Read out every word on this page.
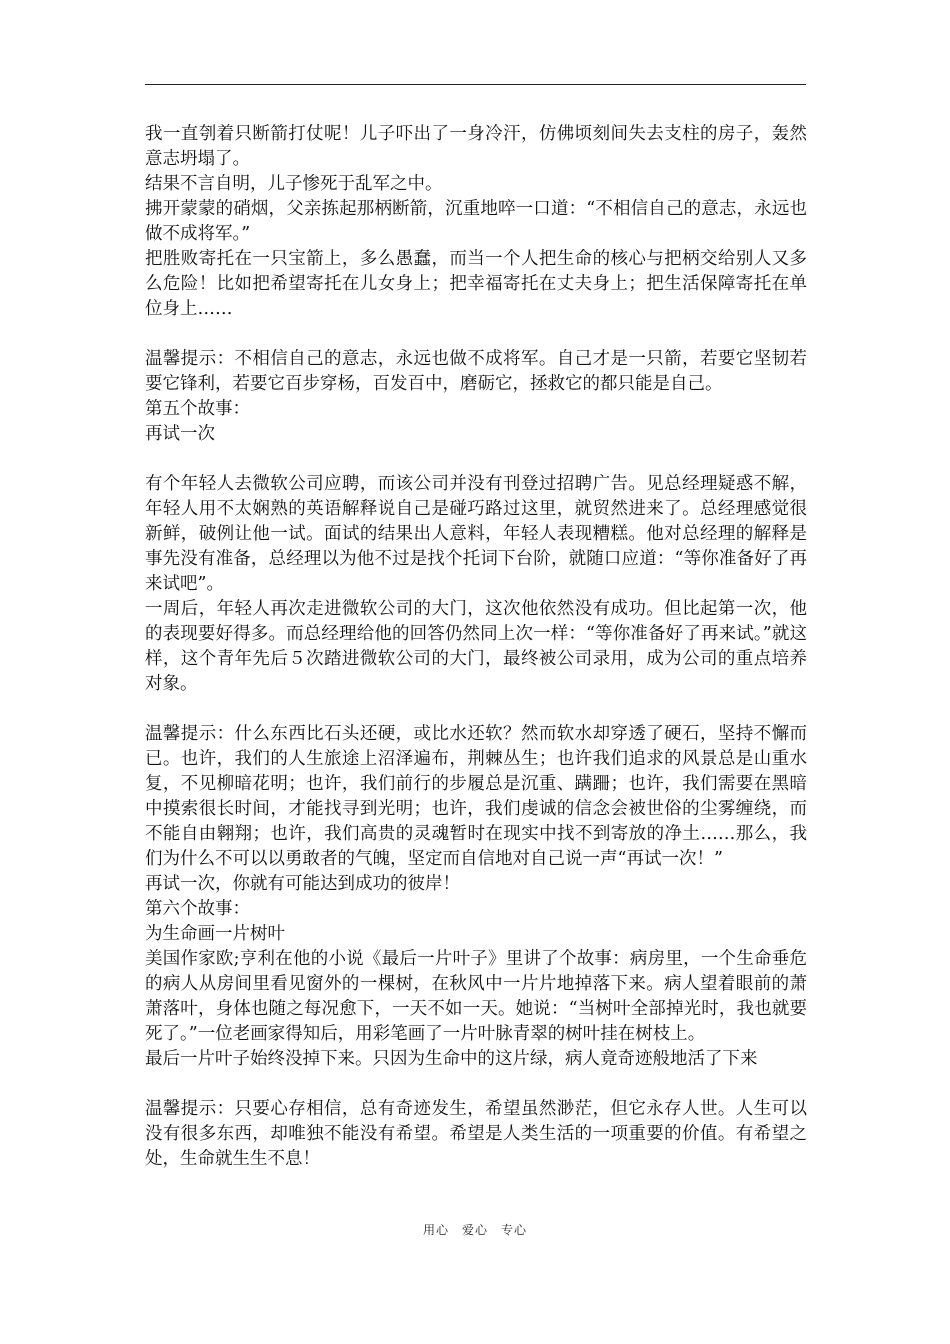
我一直刳着只断箭打仗呢！儿子吓出了一身冷汗，仿佛顷刻间失去支柱的房子，轰然意志坍塌了。

结果不言自明，儿子惨死于乱军之中。

拂开蒙蒙的硝烟，父亲拣起那柄断箭，沉重地啐一口道：“不相信自己的意志，永远也做不成将军。”

把胜败寄托在一只宝箭上，多么愚蠢，而当一个人把生命的核心与把柄交给别人又多么危险！比如把希望寄托在儿女身上；把幸福寄托在丈夫身上；把生活保障寄托在单位身上……

温馨提示：不相信自己的意志，永远也做不成将军。自己才是一只箭，若要它坚韧若要它锋利，若要它百步穿杨，百发百中，磨砺它，拯救它的都只能是自己。

第五个故事：

再试一次

有个年轻人去微软公司应聘，而该公司并没有刊登过招聘广告。见总经理疑惑不解，年轻人用不太娴熟的英语解释说自己是碰巧路过这里，就贸然进来了。总经理感觉很新鲜，破例让他一试。面试的结果出人意料，年轻人表现糟糕。他对总经理的解释是事先没有准备，总经理以为他不过是找个托词下台阶，就随口应道：“等你准备好了再来试吧”。

一周后，年轻人再次走进微软公司的大门，这次他依然没有成功。但比起第一次，他的表现要好得多。而总经理给他的回答仍然同上次一样：“等你准备好了再来试。”就这样，这个青年先后５次踏进微软公司的大门，最终被公司录用，成为公司的重点培养对象。

温馨提示：什么东西比石头还硬，或比水还软？然而软水却穿透了硬石，坚持不懈而已。也许，我们的人生旅途上沼泽遍布，荆棘丛生；也许我们追求的风景总是山重水复，不见柳暗花明；也许，我们前行的步履总是沉重、蹒跚；也许，我们需要在黑暗中摸索很长时间，才能找寻到光明；也许，我们虔诚的信念会被世俗的尘雾缠绕，而不能自由翱翔；也许，我们高贵的灵魂暂时在现实中找不到寄放的净土……那么，我们为什么不可以以勇敢者的气魄，坚定而自信地对自己说一声“再试一次！”

再试一次，你就有可能达到成功的彼岸！

第六个故事：

为生命画一片树叶

美国作家欧;亨利在他的小说《最后一片叶子》里讲了个故事：病房里，一个生命垂危的病人从房间里看见窗外的一棵树，在秋风中一片片地掉落下来。病人望着眼前的萧萧落叶，身体也随之每况愈下，一天不如一天。她说：“当树叶全部掉光时，我也就要死了。”一位老画家得知后，用彩笔画了一片叶脉青翠的树叶挂在树枝上。

最后一片叶子始终没掉下来。只因为生命中的这片绿，病人竟奇迹般地活了下来

温馨提示：只要心存相信，总有奇迹发生，希望虽然渺茫，但它永存人世。人生可以没有很多东西，却唯独不能没有希望。希望是人类生活的一项重要的价值。有希望之处，生命就生生不息！

用心　爱心　专心
